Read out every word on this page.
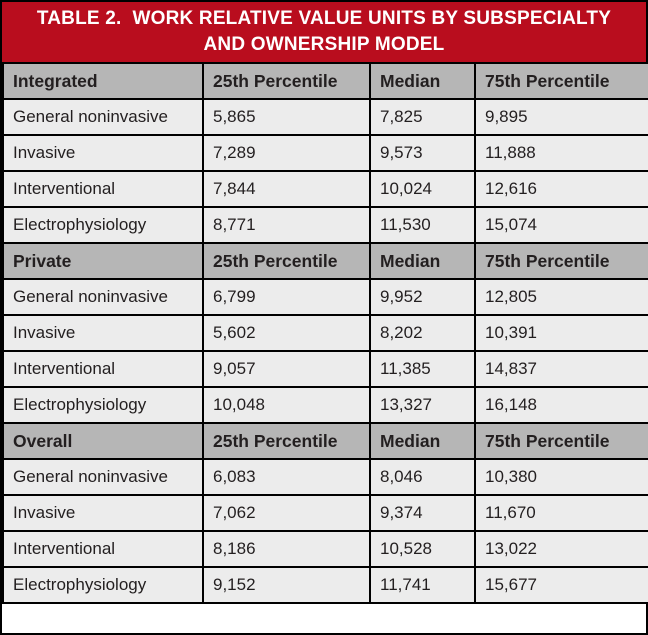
TABLE 2.  WORK RELATIVE VALUE UNITS BY SUBSPECIALTY
AND OWNERSHIP MODEL
Integrated	25th Percentile	Median	75th Percentile
General noninvasive	5,865	7,825	9,895
Invasive	7,289	9,573	11,888
Interventional	7,844	10,024	12,616
Electrophysiology	8,771	11,530	15,074
Private	25th Percentile	Median	75th Percentile
General noninvasive	6,799	9,952	12,805
Invasive	5,602	8,202	10,391
Interventional	9,057	11,385	14,837
Electrophysiology	10,048	13,327	16,148
Overall	25th Percentile	Median	75th Percentile
General noninvasive	6,083	8,046	10,380
Invasive	7,062	9,374	11,670
Interventional	8,186	10,528	13,022
Electrophysiology	9,152	11,741	15,677
